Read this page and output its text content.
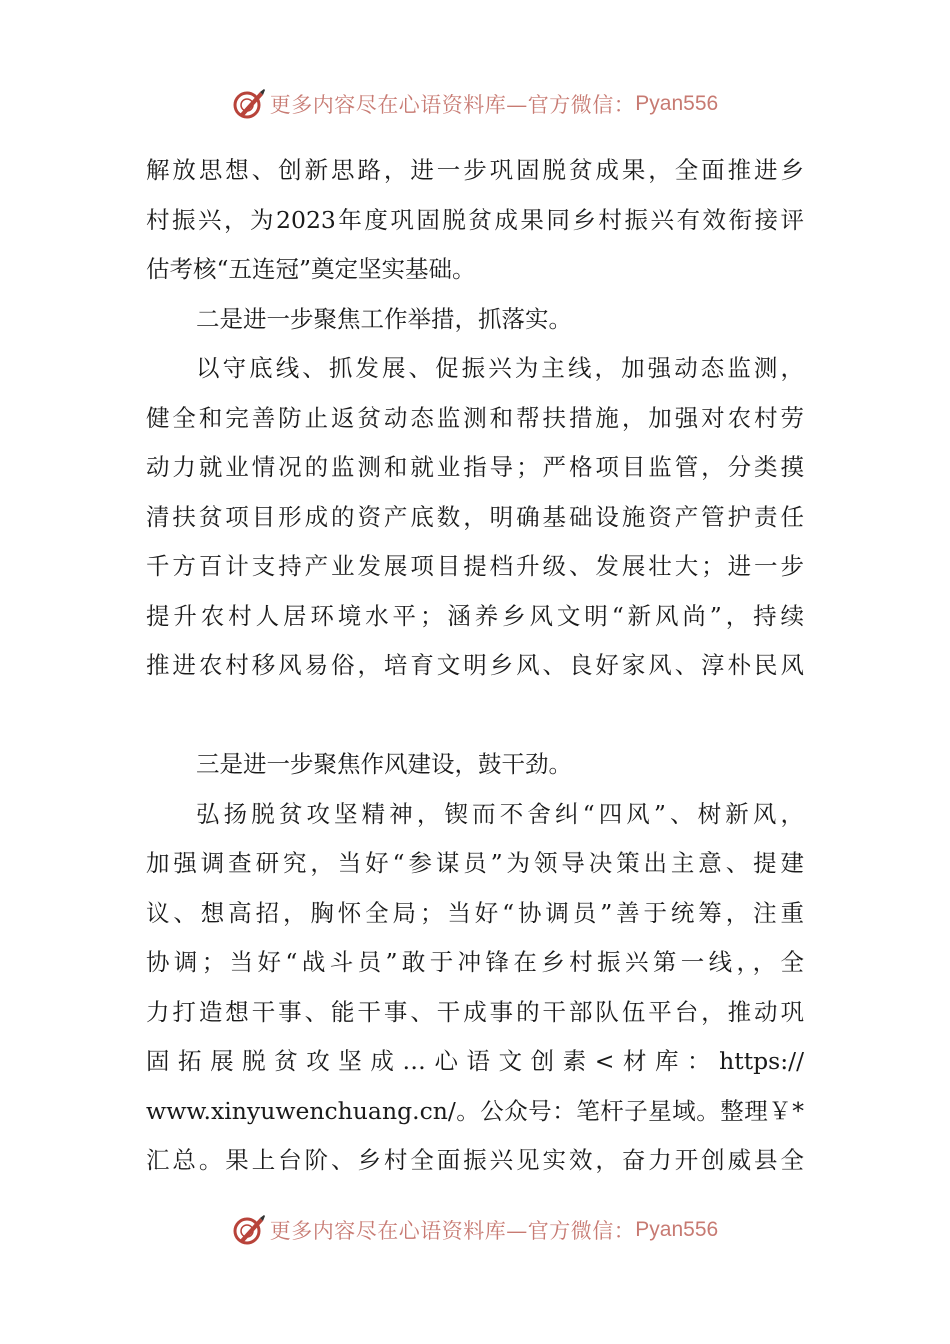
更多内容尽在心语资料库—官方微信： Pyan556
解放思想、创新思路，进一步巩固脱贫成果，全面推进乡
村振兴，为2023年度巩固脱贫成果同乡村振兴有效衔接评
估考核“五连冠”奠定坚实基础。
二是进一步聚焦工作举措，抓落实。
以守底线、抓发展、促振兴为主线，加强动态监测，
健全和完善防止返贫动态监测和帮扶措施，加强对农村劳
动力就业情况的监测和就业指导；严格项目监管，分类摸
清扶贫项目形成的资产底数，明确基础设施资产管护责任
千方百计支持产业发展项目提档升级、发展壮大；进一步
提升农村人居环境水平；涵养乡风文明“新风尚”，持续
推进农村移风易俗，培育文明乡风、良好家风、淳朴民风
三是进一步聚焦作风建设，鼓干劲。
弘扬脱贫攻坚精神，锲而不舍纠“四风”、树新风，
加强调查研究，当好“参谋员”为领导决策出主意、提建
议、想高招，胸怀全局；当好“协调员”善于统筹，注重
协调；当好“战斗员”敢于冲锋在乡村振兴第一线，，全
力打造想干事、能干事、干成事的干部队伍平台，推动巩
固拓展脱贫攻坚成…心语文创素<材库：https://
www.xinyuwenchuang.cn/。公众号：笔杆子星域。整理￥*
汇总。果上台阶、乡村全面振兴见实效，奋力开创威县全
更多内容尽在心语资料库—官方微信： Pyan556
